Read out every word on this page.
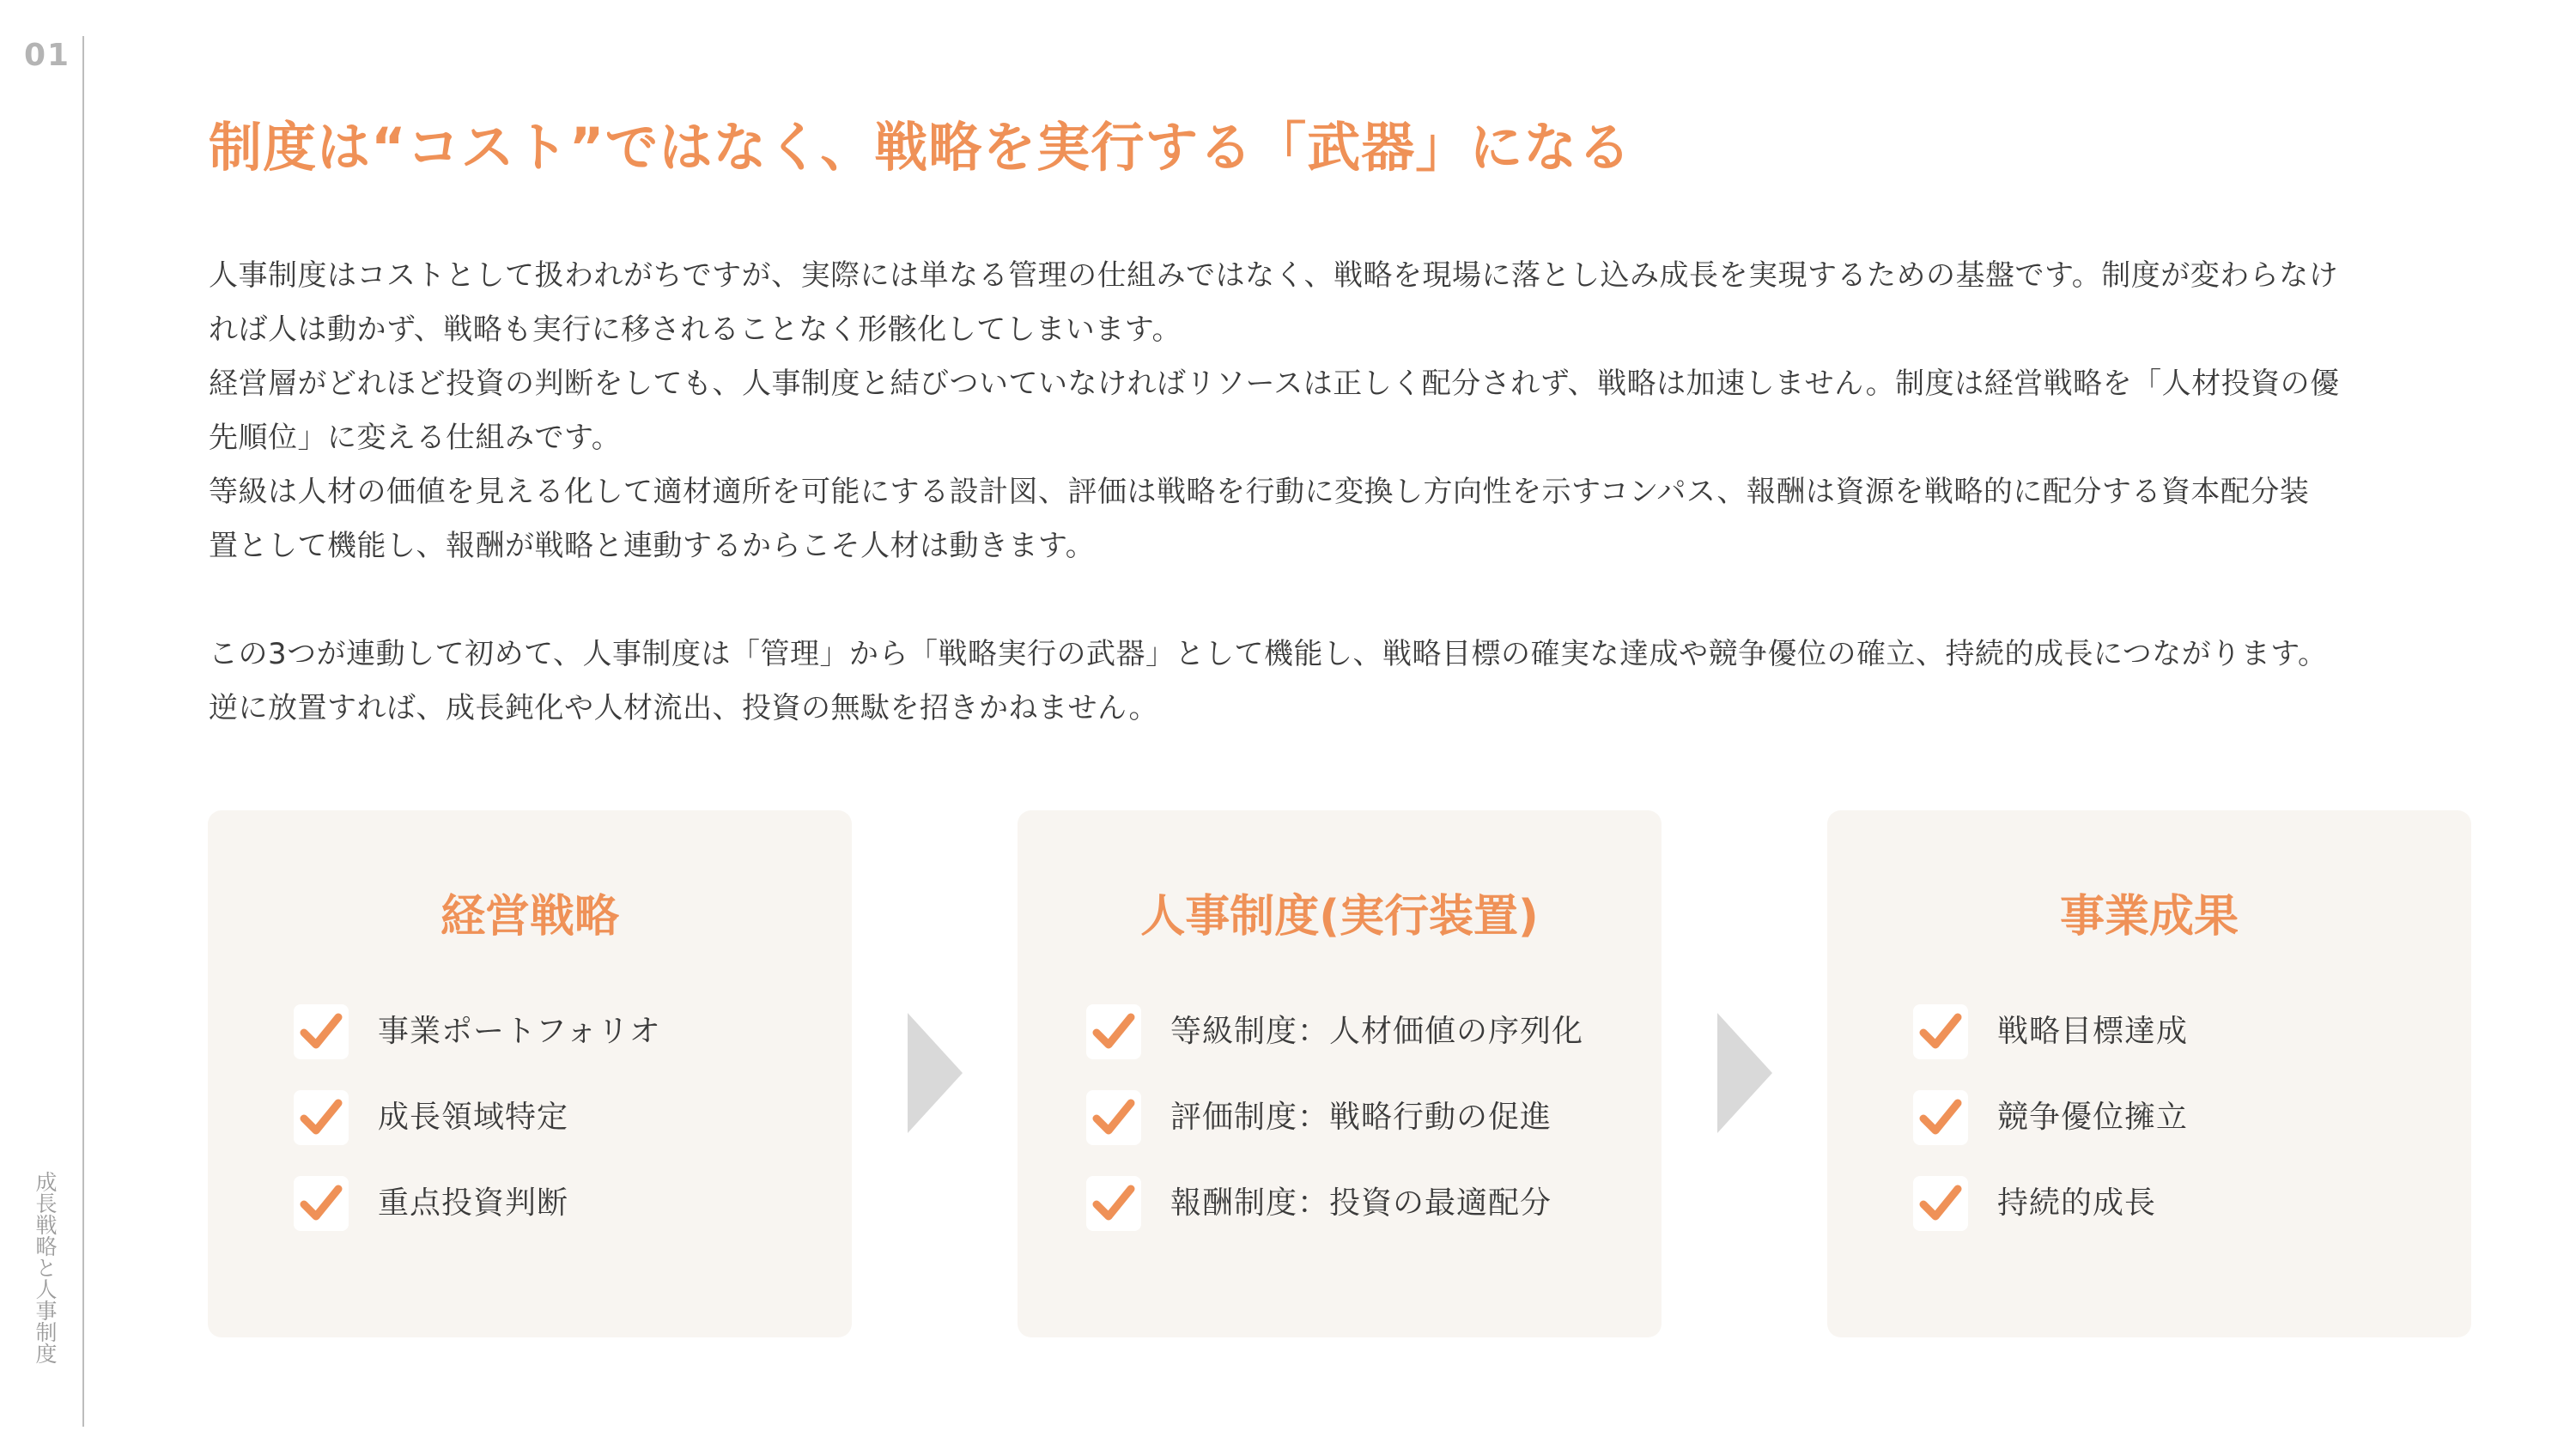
01
成長戦略と人事制度
制度は“コスト”ではなく、戦略を実行する「武器」になる

人事制度はコストとして扱われがちですが、実際には単なる管理の仕組みではなく、戦略を現場に落とし込み成長を実現するための基盤です。制度が変わらなけ

れば人は動かず、戦略も実行に移されることなく形骸化してしまいます。

経営層がどれほど投資の判断をしても、人事制度と結びついていなければリソースは正しく配分されず、戦略は加速しません。制度は経営戦略を「人材投資の優

先順位」に変える仕組みです。

等級は人材の価値を見える化して適材適所を可能にする設計図、評価は戦略を行動に変換し方向性を示すコンパス、報酬は資源を戦略的に配分する資本配分装

置として機能し、報酬が戦略と連動するからこそ人材は動きます。

この3つが連動して初めて、人事制度は「管理」から「戦略実行の武器」として機能し、戦略目標の確実な達成や競争優位の確立、持続的成長につながります。

逆に放置すれば、成長鈍化や人材流出、投資の無駄を招きかねません。

経営戦略
事業ポートフォリオ
成長領域特定
重点投資判断
人事制度(実行装置)
等級制度：人材価値の序列化
評価制度：戦略行動の促進
報酬制度：投資の最適配分
事業成果
戦略目標達成
競争優位擁立
持続的成長
